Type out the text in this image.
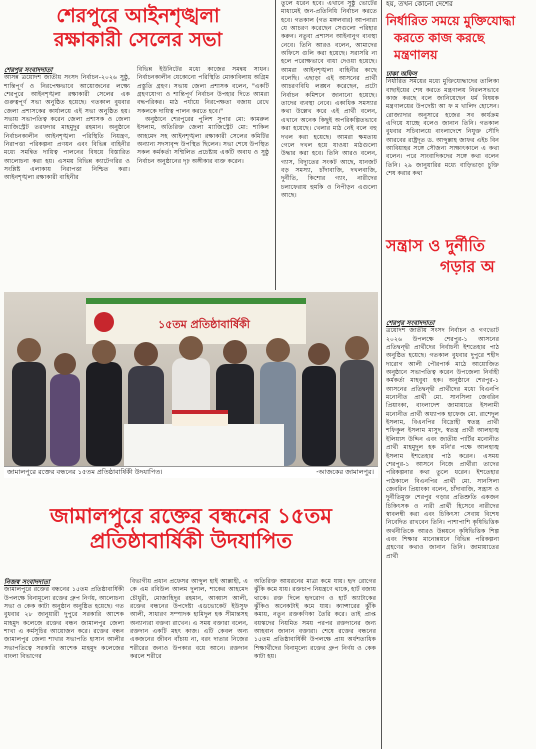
শেরপুরে আইনশৃঙ্খলা
রক্ষাকারী সেলের সভা
শেরপুর সংবাদদাতা

আসন্ন ত্রয়োদশ জাতীয় সংসদ নির্বাচন-২০২৬ সুষ্ঠু, শান্তিপূর্ণ ও নিরপেক্ষভাবে আয়োজনের লক্ষ্যে শেরপুরে আইনশৃঙ্খলা রক্ষাকারী সেলের এক গুরুত্বপূর্ণ সভা অনুষ্ঠিত হয়েছে। গতকাল বুধবার জেলা প্রশাসকের কার্যালয়ে এই সভা অনুষ্ঠিত হয়। সভায় সভাপতিত্ব করেন জেলা প্রশাসক ও জেলা ম্যাজিস্ট্রেট তরফদার মাহমুদুর রহমান। অনুষ্ঠানে নির্বাচনকালীন আইনশৃঙ্খলা পরিস্থিতি নিয়ন্ত্রণ, নিরাপত্তা পরিকল্পনা প্রণয়ন এবং বিভিন্ন বাহিনীর মধ্যে সমন্বিত দায়িত্ব পালনের বিষয়ে বিস্তারিত আলোচনা করা হয়। এসময় বিভিন্ন ক্যাটেগরির ও সংশ্লিষ্ট এলাকায় নিরাপত্তা নিশ্চিত করা। আইনশৃঙ্খলা রক্ষাকারী বাহিনীর

বিভিন্ন ইউনিটের মধ্যে কাজের সমন্বয় সাধন। নির্বাচনকালীন যেকোনো পরিস্থিতি মোকাবিলায় অগ্রিম প্রস্তুতি গ্রহণ। সভায় জেলা প্রশাসক বলেন, "একটি গ্রহণযোগ্য ও শান্তিপূর্ণ নির্বাচন উপহার দিতে আমরা বদ্ধপরিকর। মাঠ পর্যায়ে নিরপেক্ষতা বজায় রেখে সকলকে দায়িত্ব পালন করতে হবে।"

অনুষ্ঠানে শেরপুরের পুলিশ সুপার মো: কামরুল ইসলাম, অতিরিক্ত জেলা ম্যাজিস্ট্রেট মো: শাকিল আহমেদ সহ আইনশৃঙ্খলা রক্ষাকারী সেলের কমিটির অন্যান্য সদস্যবৃন্দ উপস্থিত ছিলেন। সভা শেষে উপস্থিত সকল কর্মকর্তা সম্মিলিত প্রচেষ্টায় একটি অবাধ ও সুষ্ঠু নির্বাচন অনুষ্ঠানের দৃঢ় অঙ্গীকার ব্যক্ত করেন।

তুলে ধরেন হবে। এখানে সুষ্ঠু ভোটের মাধ্যমেই জন-প্রতিনিধি নির্বাচন করতে হবে। গতকাল (গত মঙ্গলবার) আপনারা যে আচরণ করেছেন সেগুলো পরিহার করুন। নতুবা প্রশাসন আইনানুগ ব্যবস্থা নেবে। তিনি আরও বলেন, আমাদের অফিসে গুলি করা হয়েছে। সরাসরি না হলে পরোক্ষভাবে বাধা দেওয়া হয়েছে। আমরা আইনশৃঙ্খলা বাহিনীর কাছে বলেছি। এছাড়া এই আসনের প্রার্থী আচরণবিধি লঙ্ঘন করেছেন, প্রটো নির্বাচন কমিশনে জানানো হয়েছে। তাদের ব্যবস্থা নেবে। একাধিক সমস্যার কথা উল্লেখ করে এই প্রার্থী বলেন, এখানে অনেক কিছুই অপরিকল্পিতভাবে করা হয়েছে। খেলার মাঠ নেই বলে বহু দখল করা হয়েছে। আমরা ক্ষমতায় গেলে দখল হয়ে যাওয়া মাঠগুলো উদ্ধার করা হবে। তিনি আরও বলেন, গ্যাস, বিদ্যুতের সংকট আছে, যানজট বড় সমস্যা, চাঁদাবাজি, দখলবাজি, দুর্নীতি, কিশোর গ্যাং, নারীদের চলাফেরায় হুমকি ও নিপীড়ন এগুলো আছে।

হয়, তখন কোনো দেশের
নির্ধারিত সময়ে মুক্তিযোদ্ধা
করতে কাজ করছে মন্ত্রণালয়
ঢাকা অফিস

নির্ধারিত সময়ের মধ্যে মুক্তিযোদ্ধাদের তালিকা বাছাইয়ের শেষ করতে মন্ত্রণালয় নিরলসভাবে কাজ করছে বলে জানিয়েছেন ধর্ম বিষয়ক মন্ত্রণালয়ের উপদেষ্টা আ ফ ম খালিদ হোসেন। রোজ্যাদার অনুসারে হজের সব কার্যক্রম এগিয়ে যাচ্ছে বলেও জানান তিনি। গতকাল বুধবার সচিবালয়ে বাংলাদেশে নিযুক্ত সৌদি আরবের রাষ্ট্রদূত ড. আব্দুল্লাহ জাফর এইচ বিন আবিয়াহর সঙ্গে সৌজন্য সাক্ষাৎকালে এ কথা বলেন। পরে সাংবাদিকদের সঙ্গে কথা বলেন তিনি। ২৯ জানুয়ারির মধ্যে বাড়িভাড়া চুক্তি শেষ করার কথা

সন্ত্রাস ও দুর্নীতি
গড়ার অ
শেরপুর সংবাদদাতা

ত্রয়োদশ জাতীয় সংসদ নির্বাচন ও গণভোট ২০২৬ উপলক্ষে শেরপুর-১ আসনের প্রতিদ্বন্দ্বী প্রার্থীদের নির্বাচনী ইশতেহার পাঠ অনুষ্ঠিত হয়েছে। গতকাল বুধবার দুপুরে শহীদ দারোগ আলী পৌরপার্ক মাঠে আয়োজিত অনুষ্ঠানে সভাপতিত্ব করেন উপজেলা নির্বাহী কর্মকর্তা মাহবুবা হক। অনুষ্ঠানে শেরপুর-১ আসনের প্রতিদ্বন্দ্বী প্রার্থীদের মধ্যে বিএনপি মনোনীত প্রার্থী মো. সানসিলা জেবরিন প্রিয়াংকা, বাংলাদেশ জামায়াতে ইসলামী মনোনীত প্রার্থী অধ্যাপক হাফেজ মো. রাশেদুল ইসলাম, বিএনপির বিদ্রোহী স্বতন্ত্র প্রার্থী শফিকুল ইসলাম মাসুদ, স্বতন্ত্র প্রার্থী আলহাজ্ব ইলিয়াস উদ্দিন এবং জাতীয় পার্টির মনোনীত প্রার্থী মাহমুদুল হক মনি'র পক্ষে আলহাজ্ব ইসলাম ইশতেহার পাঠ করেন। এসময় শেরপুর-১ আসনে নিজে প্রার্থীরা তাদের পরিকল্পনার কথা তুলে ধরেন। ইশতেহার পাঠকালে বিএনপির প্রার্থী মো. সানসিলা জেবরিন প্রিয়াংকা বলেন, চাঁদাবাজি, সন্ত্রাস ও দুর্নীতিমুক্ত শেরপুর গড়ার প্রতিশ্রুতি একজন চিকিৎসক ও নারী প্রার্থী হিসেবে নারীদের স্বাবলম্বী করা এবং চিকিৎসা সেবায় বিশেষ নিবেদিত রাখবেন তিনি। পাশাপাশি কৃষিভিত্তিক অর্থনীতিকে আরও উন্নয়নে কৃষিভিত্তিক শিল্প এবং শিক্ষার মানোন্নয়নে বিভিন্ন পরিকল্পনা গ্রহণের কথাও জানান তিনি। জামায়াতের প্রার্থী

১৫তম প্রতিষ্ঠাবার্ষিকী
জামালপুরে রক্তের বন্ধনের ১৫তম প্রতিষ্ঠাবার্ষিকী উদযাপিত।	-আজকের জামালপুর।
জামালপুরে রক্তের বন্ধনের ১৫তম
প্রতিষ্ঠাবার্ষিকী উদযাপিত
নিজস্ব সংবাদদাতা

জামালপুরে রক্তের বন্ধনের ১৫তম প্রতিষ্ঠাবার্ষিকী উপলক্ষে বিনামূল্যে রক্তের গ্রুপ নির্ণয়, আলোচনা সভা ও কেক কাটা অনুষ্ঠান অনুষ্ঠিত হয়েছে। গত বুধবার ২৮ জানুয়ারী দুপুরে সরকারি আশেক মাহমুদ কলেজে রক্তের বন্ধন জামালপুর জেলা শাখা এ কর্মসূচির আয়োজন করে। রক্তের বন্ধন জামালপুর জেলা শাখার সভাপতি হাসান আলীর সভাপতিত্বে সরকারি আশেক মাহমুদ কলেজের বাংলা বিভাগের

বিভাগীয় প্রধান প্রফেসর আব্দুল হাই আল্লাহী, এ কে এম রবিউল আলম দুলাল, শাকের আহমেদ চৌধুরী, মোজাহিদুর রহমান, আব্বাস আলী, রক্তের বন্ধনের উপদেষ্টা এডভোকেট ইউসুফ আলী, সাধারণ সম্পাদক হামিদুল হক সীমান্তসহ অন্যান্যরা বক্তব্য রাখেন। এ সময় বক্তারা বলেন, রক্তদান একটি মহৎ কাজ। এটি কেবল অন্য একজনের জীবন বাঁচায় না, বরং দাতার নিজের শরীরের জন্যও উপকার বয়ে আনে। রক্তদান করলে শরীরে

অতিরিক্ত আয়রনের মাত্রা কমে যায়। হৃদ রোগের ঝুঁকি কমে যায়। রক্তচাপ নিয়ন্ত্রণে থাকে, হার্ট বজায় থাকে। রক্ত দিলে হৃদরোগ ও হার্ট অ্যাটাকের ঝুঁকিও অনেকটাই কমে যায়। ক্যান্সারের ঝুঁকি কমায়, নতুন রক্তকণিকা তৈরি করে। তাই প্রাপ্ত বয়স্কদের নিয়মিত সময় পরপর রক্তদানের জন্য আহবান জানান বক্তারা। শেষে রক্তের বন্ধনের ১৫তম প্রতিষ্ঠাবার্ষিকী উপলক্ষে প্রায় অর্ধশতাধিক শিক্ষার্থীদের বিনামূল্যে রক্তের গ্রুপ নির্ণয় ও কেক কাটা হয়।
